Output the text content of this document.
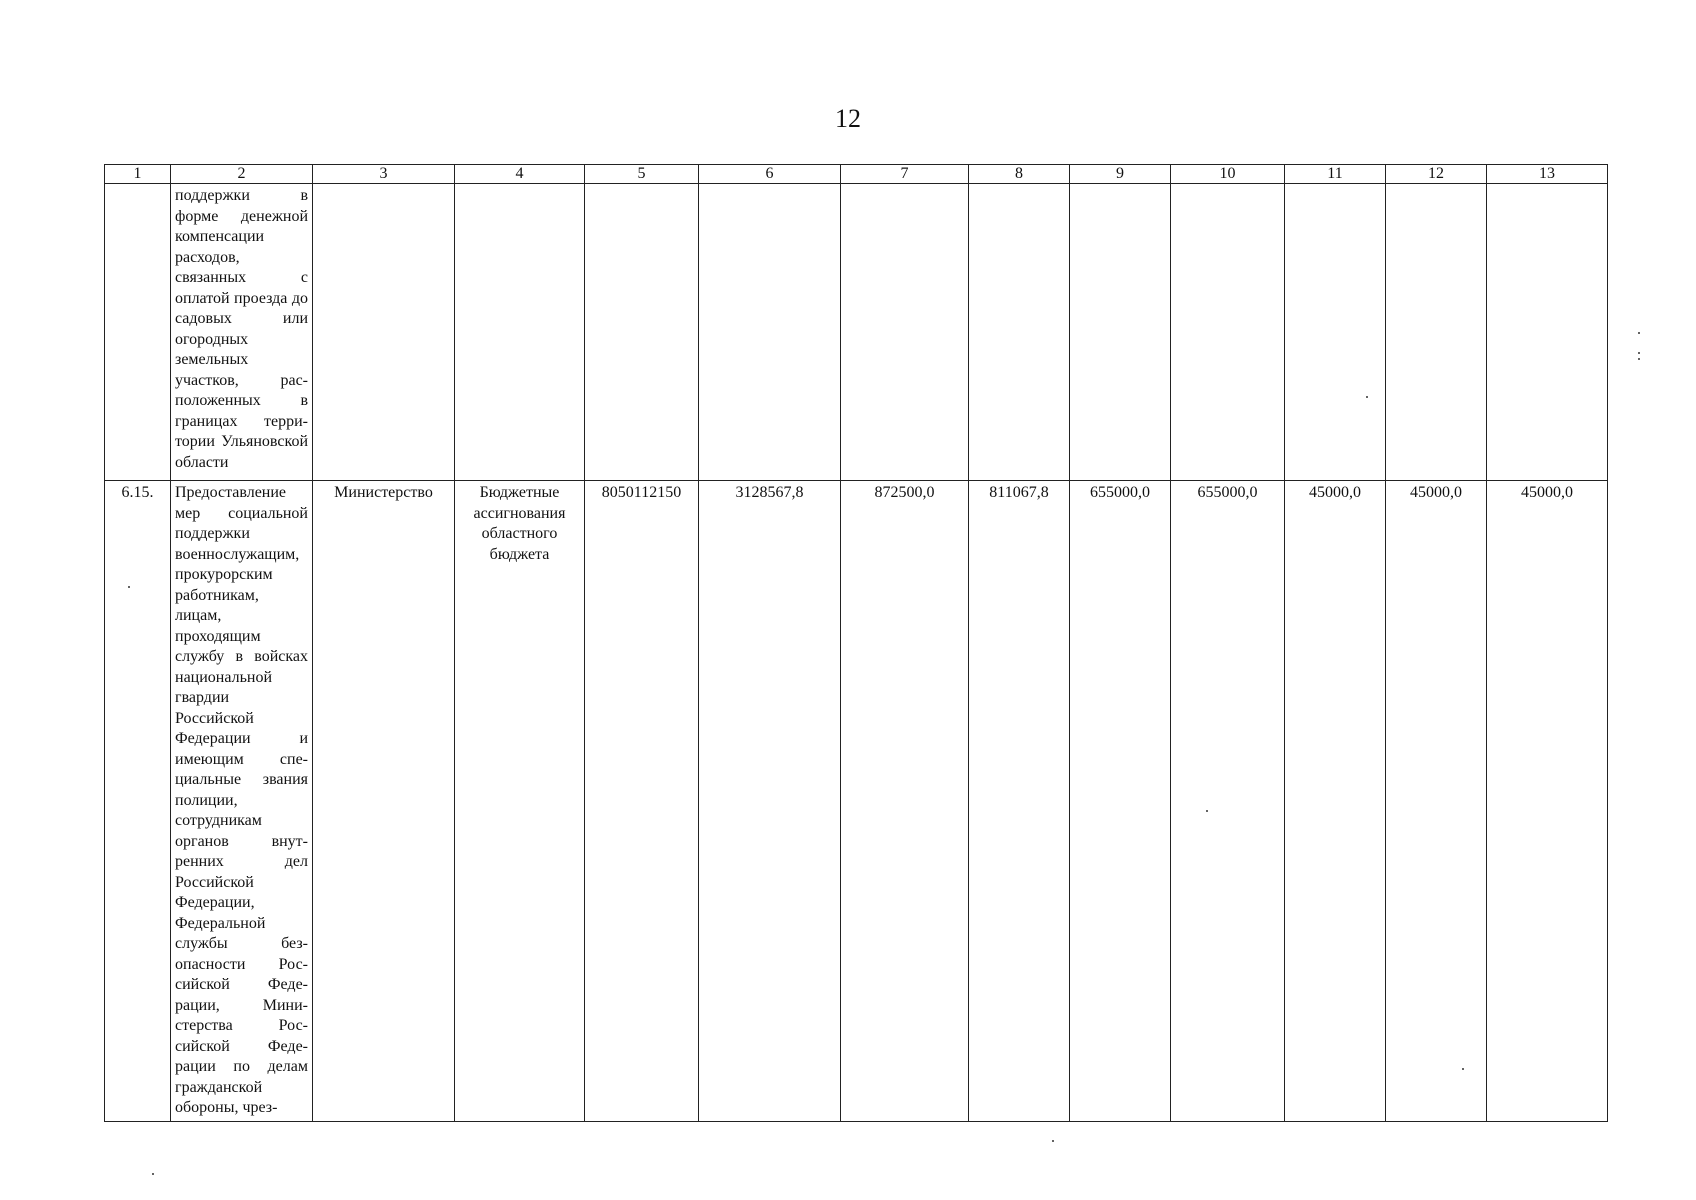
12
1	2	3	4	5	6	7	8	9	10	11	12	13
	поддержки в форме денежной компенсации расходов, связанных с оплатой проезда до садовых или огородных земельных участков, расположенных в границах территории Ульяновской области											
6.15.	Предоставление мер социальной поддержки военнослужащим, прокурорским работникам, лицам, проходящим службу в войсках национальной гвардии Российской Федерации и имеющим специальные звания полиции, сотрудникам органов внутренних дел Российской Федерации, Федеральной службы безопасности Российской Федерации, Министерства Российской Федерации по делам гражданской обороны, чрез-	Министерство	Бюджетные ассигнования областного бюджета	8050112150	3128567,8	872500,0	811067,8	655000,0	655000,0	45000,0	45000,0	45000,0
